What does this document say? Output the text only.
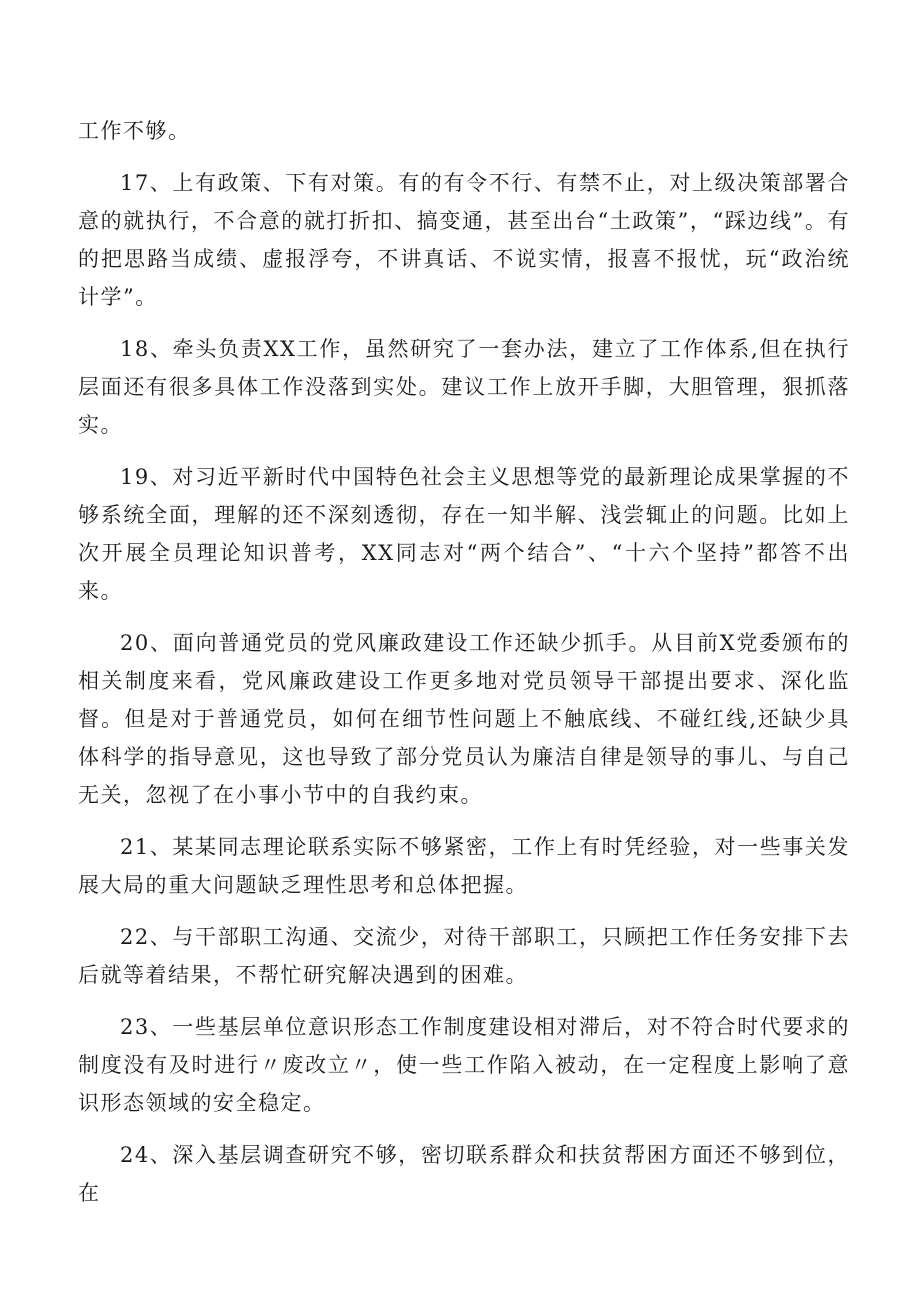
工作不够。

17、上有政策、下有对策。有的有令不行、有禁不止，对上级决策部署合意的就执行，不合意的就打折扣、搞变通，甚至出台“土政策”，“踩边线”。有的把思路当成绩、虚报浮夸，不讲真话、不说实情，报喜不报忧，玩“政治统计学”。

18、牵头负责XX工作，虽然研究了一套办法，建立了工作体系,但在执行层面还有很多具体工作没落到实处。建议工作上放开手脚，大胆管理，狠抓落实。

19、对习近平新时代中国特色社会主义思想等党的最新理论成果掌握的不够系统全面，理解的还不深刻透彻，存在一知半解、浅尝辄止的问题。比如上次开展全员理论知识普考，XX同志对“两个结合”、“十六个坚持”都答不出来。

20、面向普通党员的党风廉政建设工作还缺少抓手。从目前X党委颁布的相关制度来看，党风廉政建设工作更多地对党员领导干部提出要求、深化监督。但是对于普通党员，如何在细节性问题上不触底线、不碰红线,还缺少具体科学的指导意见，这也导致了部分党员认为廉洁自律是领导的事儿、与自己无关，忽视了在小事小节中的自我约束。

21、某某同志理论联系实际不够紧密，工作上有时凭经验，对一些事关发展大局的重大问题缺乏理性思考和总体把握。

22、与干部职工沟通、交流少，对待干部职工，只顾把工作任务安排下去后就等着结果，不帮忙研究解决遇到的困难。

23、一些基层单位意识形态工作制度建设相对滞后，对不符合时代要求的制度没有及时进行〃废改立〃，使一些工作陷入被动，在一定程度上影响了意识形态领域的安全稳定。

24、深入基层调查研究不够，密切联系群众和扶贫帮困方面还不够到位，在
